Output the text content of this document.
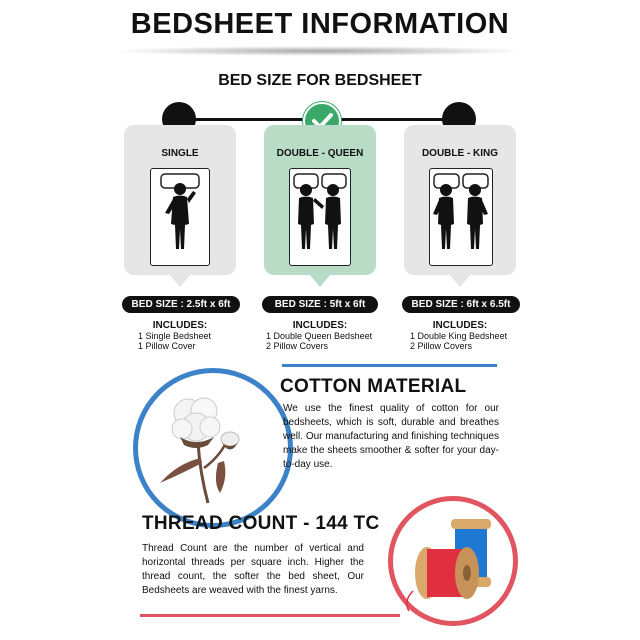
BEDSHEET INFORMATION
BED SIZE FOR BEDSHEET
SINGLE	DOUBLE - QUEEN	DOUBLE - KING
BED SIZE : 2.5ft x 6ft	BED SIZE : 5ft x 6ft	BED SIZE : 6ft x 6.5ft
INCLUDES:
1 Single Bedsheet
1 Pillow Cover
INCLUDES:
1 Double Queen Bedsheet
2 Pillow Covers
INCLUDES:
1 Double King Bedsheet
2 Pillow Covers
COTTON MATERIAL
We use the finest quality of cotton for our bedsheets, which is soft, durable and breathes well. Our manufacturing and finishing techniques make the sheets smoother & softer for your day-to-day use.
THREAD COUNT - 144 TC
Thread Count are the number of vertical and horizontal threads per square inch. Higher the thread count, the softer the bed sheet, Our Bedsheets are weaved with the finest yarns.
